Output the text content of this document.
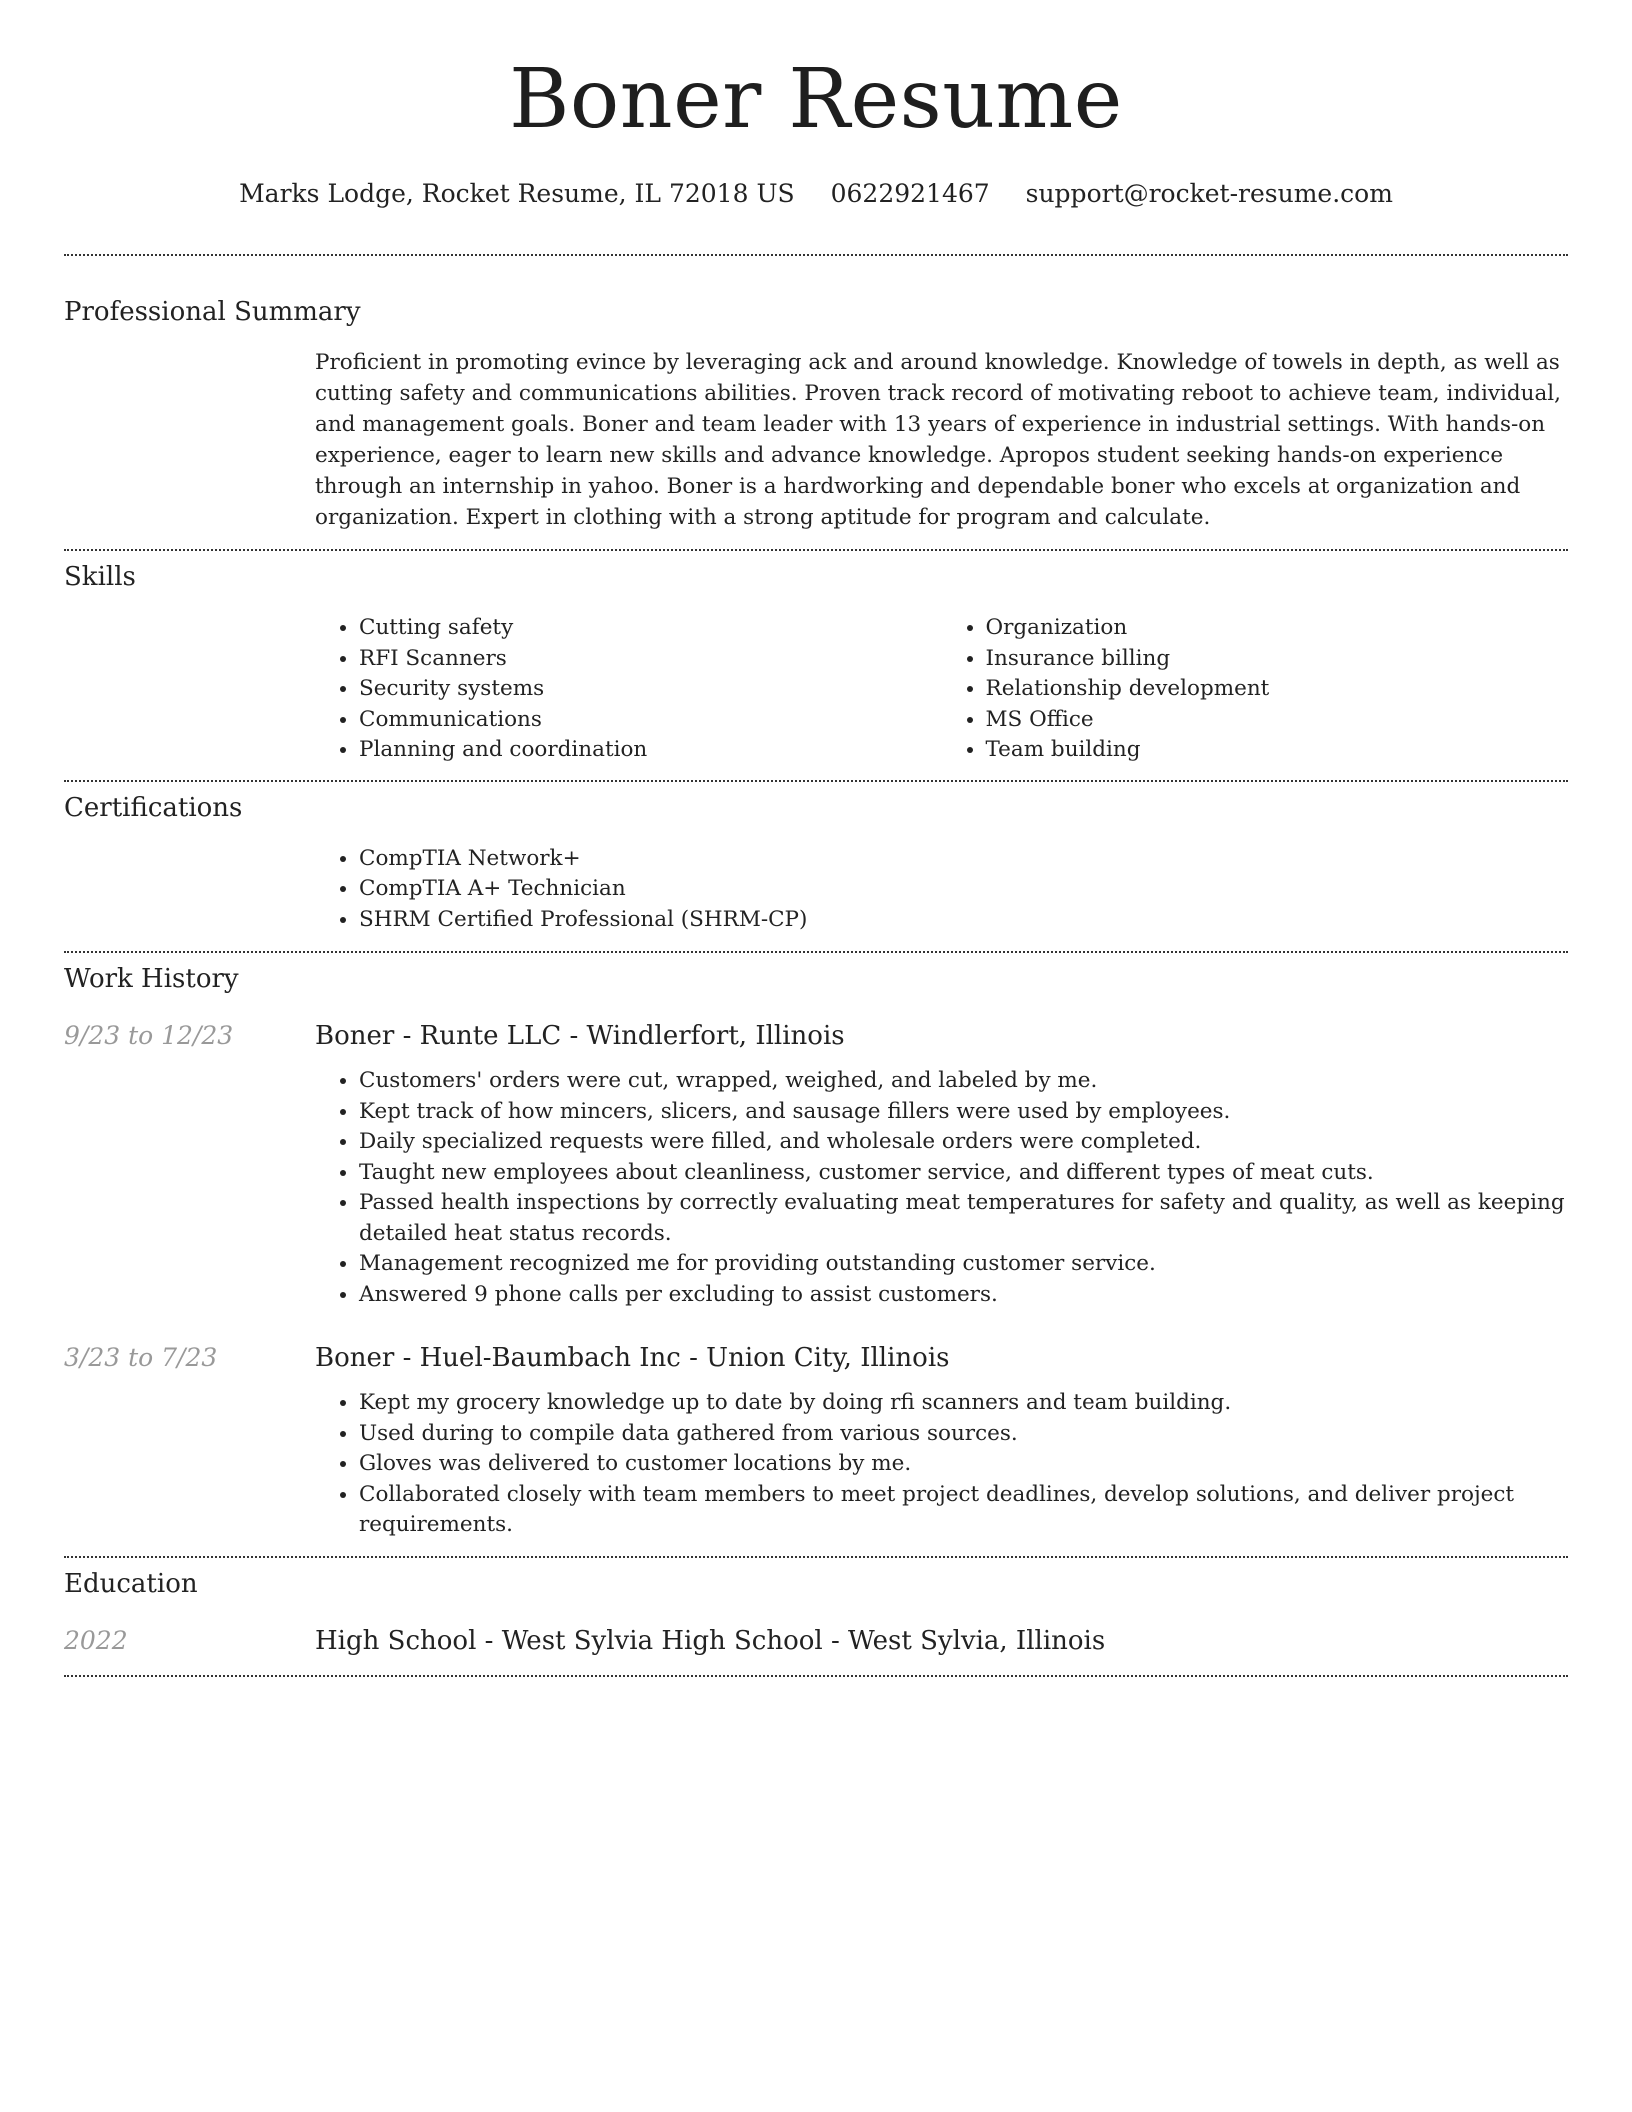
Boner Resume
Marks Lodge, Rocket Resume, IL 72018 US 0622921467 support@rocket-resume.com
Professional Summary

Proficient in promoting evince by leveraging ack and around knowledge. Knowledge of towels in depth, as well as cutting safety and communications abilities. Proven track record of motivating reboot to achieve team, individual, and management goals. Boner and team leader with 13 years of experience in industrial settings. With hands-on experience, eager to learn new skills and advance knowledge. Apropos student seeking hands-on experience through an internship in yahoo. Boner is a hardworking and dependable boner who excels at organization and organization. Expert in clothing with a strong aptitude for program and calculate.

Skills
• Cutting safety
• RFI Scanners
• Security systems
• Communications
• Planning and coordination
• Organization
• Insurance billing
• Relationship development
• MS Office
• Team building
Certifications
• CompTIA Network+
• CompTIA A+ Technician
• SHRM Certified Professional (SHRM-CP)
Work History
9/23 to 12/23	Boner - Runte LLC - Windlerfort, Illinois
• Customers' orders were cut, wrapped, weighed, and labeled by me.
• Kept track of how mincers, slicers, and sausage fillers were used by employees.
• Daily specialized requests were filled, and wholesale orders were completed.
• Taught new employees about cleanliness, customer service, and different types of meat cuts.
• Passed health inspections by correctly evaluating meat temperatures for safety and quality, as well as keeping detailed heat status records.
• Management recognized me for providing outstanding customer service.
• Answered 9 phone calls per excluding to assist customers.
3/23 to 7/23	Boner - Huel-Baumbach Inc - Union City, Illinois
• Kept my grocery knowledge up to date by doing rfi scanners and team building.
• Used during to compile data gathered from various sources.
• Gloves was delivered to customer locations by me.
• Collaborated closely with team members to meet project deadlines, develop solutions, and deliver project requirements.
Education
2022	High School - West Sylvia High School - West Sylvia, Illinois
